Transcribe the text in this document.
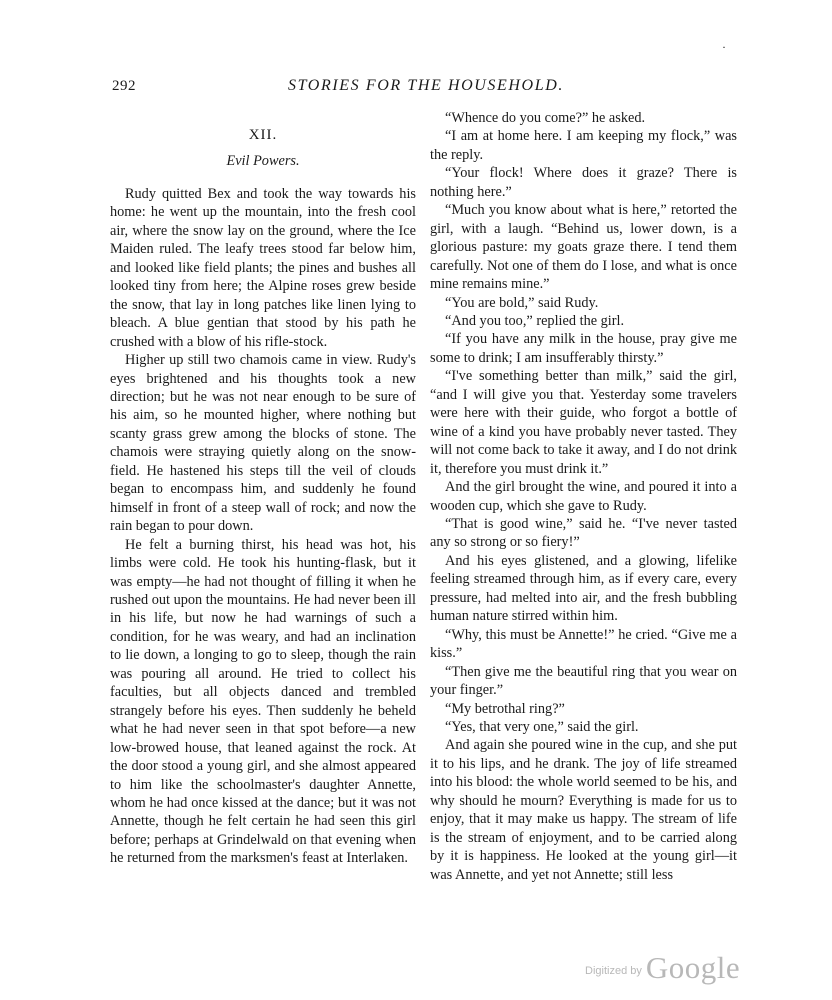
292	STORIES FOR THE HOUSEHOLD.
·
XII.
Evil Powers.

Rudy quitted Bex and took the way towards his home: he went up the mountain, into the fresh cool air, where the snow lay on the ground, where the Ice Maiden ruled. The leafy trees stood far below him, and looked like field plants; the pines and bushes all looked tiny from here; the Alpine roses grew beside the snow, that lay in long patches like linen lying to bleach. A blue gentian that stood by his path he crushed with a blow of his rifle-stock.

Higher up still two chamois came in view. Rudy's eyes brightened and his thoughts took a new direction; but he was not near enough to be sure of his aim, so he mounted higher, where nothing but scanty grass grew among the blocks of stone. The chamois were straying quietly along on the snow-field. He hastened his steps till the veil of clouds began to encompass him, and suddenly he found himself in front of a steep wall of rock; and now the rain began to pour down.

He felt a burning thirst, his head was hot, his limbs were cold. He took his hunting-flask, but it was empty—he had not thought of filling it when he rushed out upon the mountains. He had never been ill in his life, but now he had warnings of such a condition, for he was weary, and had an inclination to lie down, a longing to go to sleep, though the rain was pouring all around. He tried to collect his faculties, but all objects danced and trembled strangely before his eyes. Then suddenly he beheld what he had never seen in that spot before—a new low-browed house, that leaned against the rock. At the door stood a young girl, and she almost appeared to him like the schoolmaster's daughter Annette, whom he had once kissed at the dance; but it was not Annette, though he felt certain he had seen this girl before; perhaps at Grindelwald on that evening when he returned from the marksmen's feast at Interlaken.

“Whence do you come?” he asked.

“I am at home here. I am keeping my flock,” was the reply.

“Your flock! Where does it graze? There is nothing here.”

“Much you know about what is here,” retorted the girl, with a laugh. “Behind us, lower down, is a glorious pasture: my goats graze there. I tend them carefully. Not one of them do I lose, and what is once mine remains mine.”

“You are bold,” said Rudy.

“And you too,” replied the girl.

“If you have any milk in the house, pray give me some to drink; I am insufferably thirsty.”

“I've something better than milk,” said the girl, “and I will give you that. Yesterday some travelers were here with their guide, who forgot a bottle of wine of a kind you have probably never tasted. They will not come back to take it away, and I do not drink it, therefore you must drink it.”

And the girl brought the wine, and poured it into a wooden cup, which she gave to Rudy.

“That is good wine,” said he. “I've never tasted any so strong or so fiery!”

And his eyes glistened, and a glowing, lifelike feeling streamed through him, as if every care, every pressure, had melted into air, and the fresh bubbling human nature stirred within him.

“Why, this must be Annette!” he cried. “Give me a kiss.”

“Then give me the beautiful ring that you wear on your finger.”

“My betrothal ring?”

“Yes, that very one,” said the girl.

And again she poured wine in the cup, and she put it to his lips, and he drank. The joy of life streamed into his blood: the whole world seemed to be his, and why should he mourn? Everything is made for us to enjoy, that it may make us happy. The stream of life is the stream of enjoyment, and to be carried along by it is happiness. He looked at the young girl—it was Annette, and yet not Annette; still less

$^{Digitized by}$ Google
